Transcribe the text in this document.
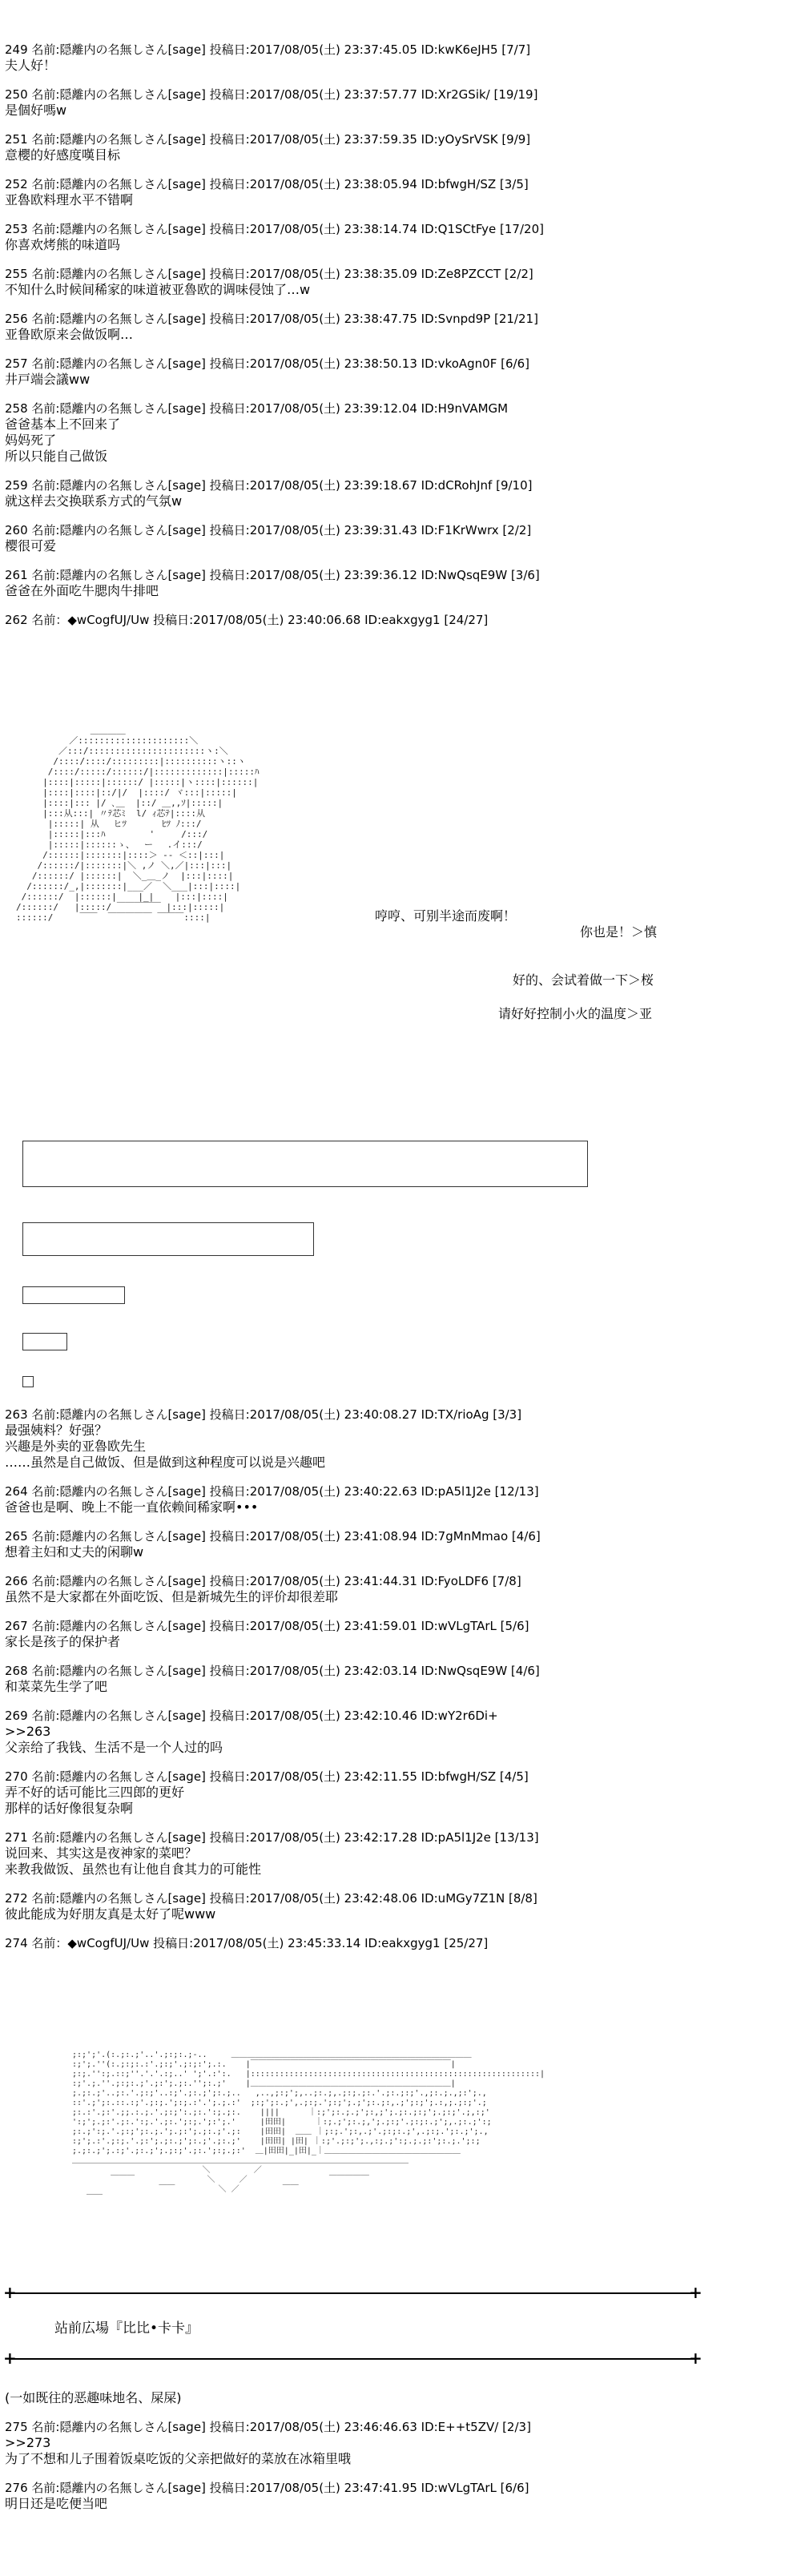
249 名前:隠離内の名無しさん[sage] 投稿日:2017/08/05(土) 23:37:45.05 ID:kwK6eJH5 [7/7]
夫人好！
250 名前:隠離内の名無しさん[sage] 投稿日:2017/08/05(土) 23:37:57.77 ID:Xr2GSik/ [19/19]
是個好嗎w
251 名前:隠離内の名無しさん[sage] 投稿日:2017/08/05(土) 23:37:59.35 ID:yOySrVSK [9/9]
意櫻的好感度嘆目标
252 名前:隠離内の名無しさん[sage] 投稿日:2017/08/05(土) 23:38:05.94 ID:bfwgH/SZ [3/5]
亚魯欧料理水平不错啊
253 名前:隠離内の名無しさん[sage] 投稿日:2017/08/05(土) 23:38:14.74 ID:Q1SCtFye [17/20]
你喜欢烤熊的味道吗
255 名前:隠離内の名無しさん[sage] 投稿日:2017/08/05(土) 23:38:35.09 ID:Ze8PZCCT [2/2]
不知什么时候间稀家的味道被亚魯欧的调味侵蚀了…w
256 名前:隠離内の名無しさん[sage] 投稿日:2017/08/05(土) 23:38:47.75 ID:Svnpd9P [21/21]
亚鲁欧原来会做饭啊…
257 名前:隠離内の名無しさん[sage] 投稿日:2017/08/05(土) 23:38:50.13 ID:vkoAgn0F [6/6]
井戸端会議ww
258 名前:隠離内の名無しさん[sage] 投稿日:2017/08/05(土) 23:39:12.04 ID:H9nVAMGM
爸爸基本上不回来了
妈妈死了
所以只能自己做饭
259 名前:隠離内の名無しさん[sage] 投稿日:2017/08/05(土) 23:39:18.67 ID:dCRohJnf [9/10]
就这样去交换联系方式的气氛w
260 名前:隠離内の名無しさん[sage] 投稿日:2017/08/05(土) 23:39:31.43 ID:F1KrWwrx [2/2]
樱很可爱
261 名前:隠離内の名無しさん[sage] 投稿日:2017/08/05(土) 23:39:36.12 ID:NwQsqE9W [3/6]
爸爸在外面吃牛腮肉牛排吧
262 名前：◆wCogfUJ/Uw 投稿日:2017/08/05(土) 23:40:06.68 ID:eakxgyg1 [24/27]
＿＿＿＿
／:::::::::::::::::::::＼
／:::/::::::::::::::::::::::ヽ:＼
/::::/::::/:::::::::|::::::::::ヽ::ヽ
/::::/:::::/::::::/|:::::::::::::|:::::ﾊ
|::::|:::::|::::::/ |:::::|ヽ::::|::::::|
|::::|::::|::/|/  |::::/ ヾ:::|:::::|
|::::|::: |/ ､＿  |::/ ＿,,ｿ|:::::|
|:::从:::| 〃ﾃ芯ﾐ  l/ ｨ芯ﾃ|::::从
|:::::| 从　 ヒﾂ　　　　ﾋﾂ ﾉ:::/
|:::::|:::ﾊ　　　　　'　　　/:::/
|:::::|::::::ゝ、　 ー　 .イ:::/
/::::::|:::::::|::::＞ ‐‐ ＜::|:::|
/::::::/|:::::::|＼ ,ノ ＼,／|:::|:::|
/::::::/ |::::::|  ＼_＿_ノ  |:::|::::|
/::::::/_,|:::::::|___／  ＼___|:::|::::|
/::::::/  |::::::|    |_|    |:::|::::|
/::::::/   |:::::/ ￣￣￣￣￣ |:::|:::::|
::::::/     ￣￣  ￣￣￣￣￣ ￣￣￣::::|	哼哼、可别半途而废啊！
你也是！＞慎
好的、会试着做一下＞桜
请好好控制小火的温度＞亚
263 名前:隠離内の名無しさん[sage] 投稿日:2017/08/05(土) 23:40:08.27 ID:TX/rioAg [3/3]
最强姨料？好强？
兴趣是外卖的亚魯欧先生
……虽然是自己做饭、但是做到这种程度可以说是兴趣吧
264 名前:隠離内の名無しさん[sage] 投稿日:2017/08/05(土) 23:40:22.63 ID:pA5l1J2e [12/13]
爸爸也是啊、晚上不能一直依赖间稀家啊•••
265 名前:隠離内の名無しさん[sage] 投稿日:2017/08/05(土) 23:41:08.94 ID:7gMnMmao [4/6]
想着主妇和丈夫的闲聊w
266 名前:隠離内の名無しさん[sage] 投稿日:2017/08/05(土) 23:41:44.31 ID:FyoLDF6 [7/8]
虽然不是大家都在外面吃饭、但是新城先生的评价却很差耶
267 名前:隠離内の名無しさん[sage] 投稿日:2017/08/05(土) 23:41:59.01 ID:wVLgTArL [5/6]
家长是孩子的保护者
268 名前:隠離内の名無しさん[sage] 投稿日:2017/08/05(土) 23:42:03.14 ID:NwQsqE9W [4/6]
和菜菜先生学了吧
269 名前:隠離内の名無しさん[sage] 投稿日:2017/08/05(土) 23:42:10.46 ID:wY2r6Di+
>>263
父亲给了我钱、生活不是一个人过的吗
270 名前:隠離内の名無しさん[sage] 投稿日:2017/08/05(土) 23:42:11.55 ID:bfwgH/SZ [4/5]
弄不好的话可能比三四郎的更好
那样的话好像很复杂啊
271 名前:隠離内の名無しさん[sage] 投稿日:2017/08/05(土) 23:42:17.28 ID:pA5l1J2e [13/13]
说回来、其实这是夜神家的菜吧？
来教我做饭、虽然也有让他自食其力的可能性
272 名前:隠離内の名無しさん[sage] 投稿日:2017/08/05(土) 23:42:48.06 ID:uMGy7Z1N [8/8]
彼此能成为好朋友真是太好了呢www
274 名前：◆wCogfUJ/Uw 投稿日:2017/08/05(土) 23:45:33.14 ID:eakxgyg1 [25/27]
;:;';'.(:.;:.;'..'.;:;:.;-..     ＿＿＿＿＿＿＿＿＿＿＿＿＿＿＿＿＿＿＿＿＿＿＿＿＿＿＿＿＿＿
:;';.''(:.;:;:.:'.;:;'.;:;:';.:.    |￣￣￣￣￣￣￣￣￣￣￣￣￣￣￣￣￣￣￣￣￣￣￣￣￣|
;:;.'':;.::;''.'.'.:;..' ';'.:':.   |::::::::::::::::::::::::::::::::::::::::::::::::::::::::::::|
:;'.;.''.;:;:.;'.;:';.;:.'';:.;'    |＿＿＿＿＿＿＿＿＿＿＿＿＿＿＿＿＿＿＿＿＿＿＿＿＿|
;.;:.;'..;:.'.;:;'..:;'.;:.;';:.;..   ,..,;:;';,..;:.;,.;:;.;:.'.;:.;:;'.,;:.;.,;:';.,
::'.;';:.::.:;'.;:;.';:;.:'.';.;.:'  ;:;';:.;',.;:;.';:;';.;';:.;:,.;';:;';.:,;.;:;'.;
;:.:'.;:'.;;.:.;.'.;:;':.;:.':;.;:.    ||||      ｜:;';:.;.;';:,;';.;:.;:;';.;:;'.;,:;'
':;';.;:'.;:.':;.'.;:.';:;.';:';.'     |田田|      ｜:;.;';:.;,';.;:;'.;:;:.;';,.;:.;':;
;:.;':;.'.;:;';:.;.';.;:';.;:.;'.;:    |田田|  ＿＿ ｜;:;.';:,.;'.;:;:.;',.;:;.';:.;';.,
:;';.:'.;:;.'.;:';.;:.;';:.;'.;:.;'    |田田| |田| ｜:;'.;:;';.,:;.;':;.;.;:';:.;.';:;
;.;:.;';.:;'.;:.;';.;:;'.;:.';:;.;:'  ＿|田田|_|田|_｜＿＿＿＿＿＿＿＿＿＿＿＿＿＿＿＿＿
＿＿＿＿＿＿＿＿＿＿＿＿＿＿＿＿＿＿＿＿＿＿＿＿＿＿＿＿＿＿＿＿＿＿＿＿＿＿＿＿＿＿
＼         ／
￣￣￣               ＼     ／                 ￣￣￣￣￣
￣￣         ＼ ／         ￣￣
￣￣
+	+
站前広場『比比•卡卡』
+	+
(一如既往的恶趣味地名、屎屎)
275 名前:隠離内の名無しさん[sage] 投稿日:2017/08/05(土) 23:46:46.63 ID:E++t5ZV/ [2/3]
>>273
为了不想和儿子围着饭桌吃饭的父亲把做好的菜放在冰箱里哦
276 名前:隠離内の名無しさん[sage] 投稿日:2017/08/05(土) 23:47:41.95 ID:wVLgTArL [6/6]
明日还是吃便当吧
